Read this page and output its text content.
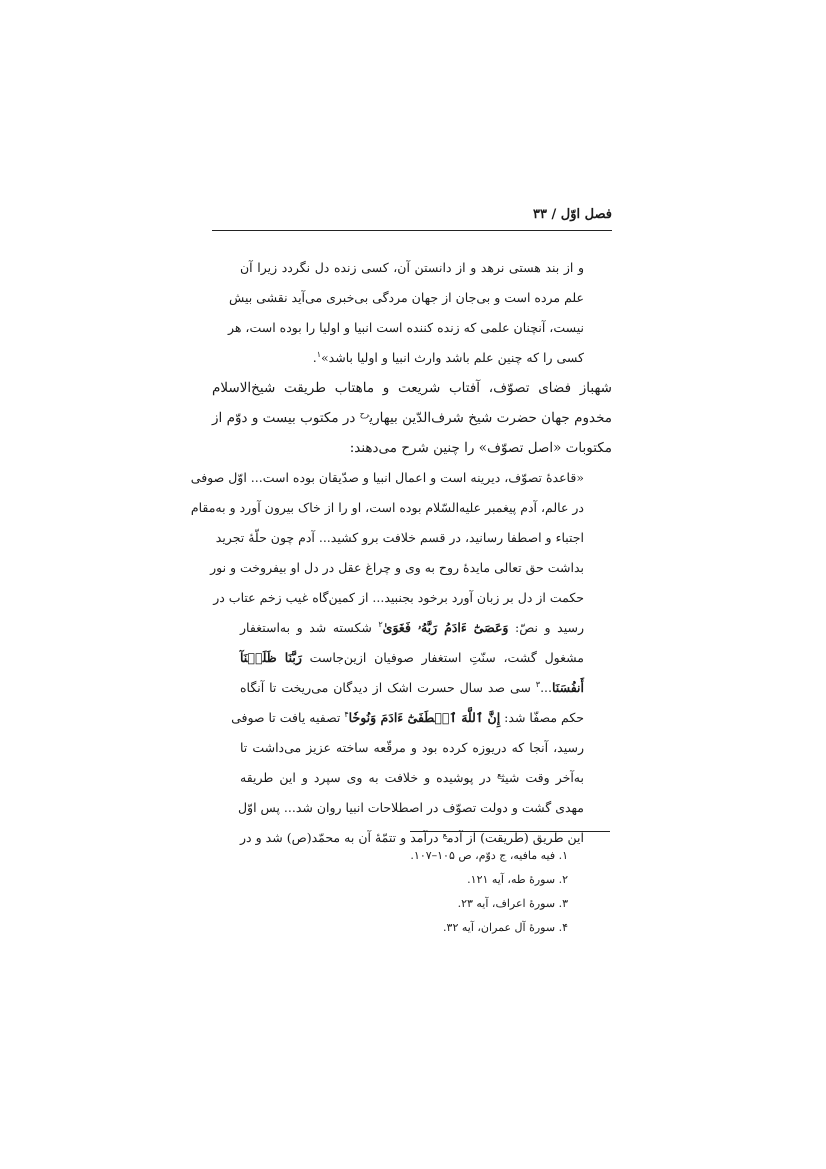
فصل اوّل / ۳۳
و از بند هستی نرهد و از دانستن آن، کسی زنده دل نگردد زیرا آن
علم مرده است و بی‌جان از جهان مردگی بی‌خبری می‌آید نقشی بیش
نیست، آنچنان علمی که زنده کننده است انبیا و اولیا را بوده است، هر
کسی را که چنین علم باشد وارث انبیا و اولیا باشد»$^۱$.
شهباز فضای تصوّف، آفتاب شریعت و ماهتاب طریقت شیخ‌الاسلام
مخدوم جهان حضرت شیخ شرف‌الدّین بیهاری$^{رح}$ در مکتوب بیست و دوّم از
مکتوبات «اصل تصوّف» را چنین شرح می‌دهند:
«قاعدهٔ تصوّف، دیرینه است و اعمال انبیا و صدّیقان بوده است... اوّل صوفی
در عالم، آدم پیغمبر علیه‌السّلام بوده است، او را از خاک بیرون آورد و به‌مقام
اجتباء و اصطفا رسانید، در قسم خلافت برو کشید... آدم چون حلّهٔ تجرید
بداشت حق تعالی مایدهٔ روح به وی و چراغ عقل در دل او بیفروخت و نور
حکمت از دل بر زبان آورد برخود بجنبید... از کمین‌گاه غیب زخم عتاب در
رسید و نصّ: وَعَصَىٰٓ ءَادَمُ رَبَّهُۥ فَغَوَىٰ$^۲$ شکسته شد و به‌استغفار
مشغول گشت، سنّتِ استغفار صوفیان ازین‌جاست رَبَّنَا ظَلَمۡنَآ
أَنفُسَنَا...$^۳$ سی صد سال حسرت اشک از دیدگان می‌ریخت تا آنگاه
حکم مصفّا شد: إِنَّ ٱللَّهَ ٱصۡطَفَىٰٓ ءَادَمَ وَنُوحٗا$^۴$ تصفیه یافت تا صوفی
رسید، آنجا که دریوزه کرده بود و مرقّعه ساخته عزیز می‌داشت تا
به‌آخر وقت شیث$^ع$ در پوشیده و خلافت به وی سپرد و این طریقه
مهدی گشت و دولت تصوّف در اصطلاحات انبیا روان شد... پس اوّل
این طریق (طریقت) از آدم$^ع$ درآمد و تتمّهٔ آن به محمّد(ص) شد و در
۱. فیه مافیه، ج دوّم، ص ۱۰۵–۱۰۷.
۲. سورهٔ طه، آیه ۱۲۱.
۳. سورهٔ اعراف، آیه ۲۳.
۴. سورهٔ آل عمران، آیه ۳۲.
